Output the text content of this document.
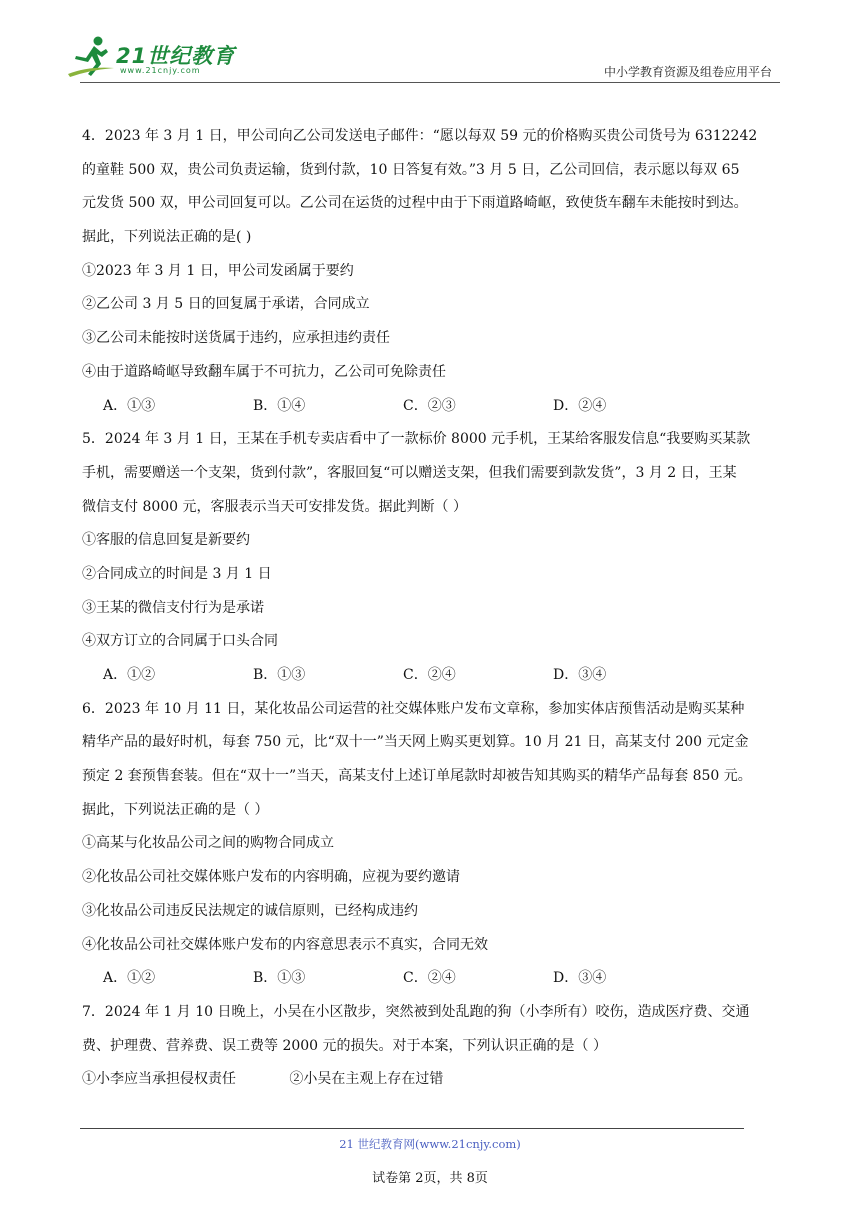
21世纪教育
www.21cnjy.com	中小学教育资源及组卷应用平台
4．2023 年 3 月 1 日，甲公司向乙公司发送电子邮件：“愿以每双 59 元的价格购买贵公司货号为 6312242
的童鞋 500 双，贵公司负责运输，货到付款，10 日答复有效。”3 月 5 日，乙公司回信，表示愿以每双 65
元发货 500 双，甲公司回复可以。乙公司在运货的过程中由于下雨道路崎岖，致使货车翻车未能按时到达。
据此，下列说法正确的是( )
①2023 年 3 月 1 日，甲公司发函属于要约
②乙公司 3 月 5 日的回复属于承诺，合同成立
③乙公司未能按时送货属于违约，应承担违约责任
④由于道路崎岖导致翻车属于不可抗力，乙公司可免除责任
A．①③	B．①④	C．②③	D．②④
5．2024 年 3 月 1 日，王某在手机专卖店看中了一款标价 8000 元手机，王某给客服发信息“我要购买某款
手机，需要赠送一个支架，货到付款”，客服回复“可以赠送支架，但我们需要到款发货”，3 月 2 日，王某
微信支付 8000 元，客服表示当天可安排发货。据此判断（ ）
①客服的信息回复是新要约
②合同成立的时间是 3 月 1 日
③王某的微信支付行为是承诺
④双方订立的合同属于口头合同
A．①②	B．①③	C．②④	D．③④
6．2023 年 10 月 11 日，某化妆品公司运营的社交媒体账户发布文章称，参加实体店预售活动是购买某种
精华产品的最好时机，每套 750 元，比“双十一”当天网上购买更划算。10 月 21 日，高某支付 200 元定金
预定 2 套预售套装。但在“双十一”当天，高某支付上述订单尾款时却被告知其购买的精华产品每套 850 元。
据此，下列说法正确的是（ ）
①高某与化妆品公司之间的购物合同成立
②化妆品公司社交媒体账户发布的内容明确，应视为要约邀请
③化妆品公司违反民法规定的诚信原则，已经构成违约
④化妆品公司社交媒体账户发布的内容意思表示不真实，合同无效
A．①②	B．①③	C．②④	D．③④
7．2024 年 1 月 10 日晚上，小吴在小区散步，突然被到处乱跑的狗（小李所有）咬伤，造成医疗费、交通
费、护理费、营养费、误工费等 2000 元的损失。对于本案，下列认识正确的是（ ）
①小李应当承担侵权责任            ②小吴在主观上存在过错
21 世纪教育网(www.21cnjy.com)
试卷第 2页，共 8页
